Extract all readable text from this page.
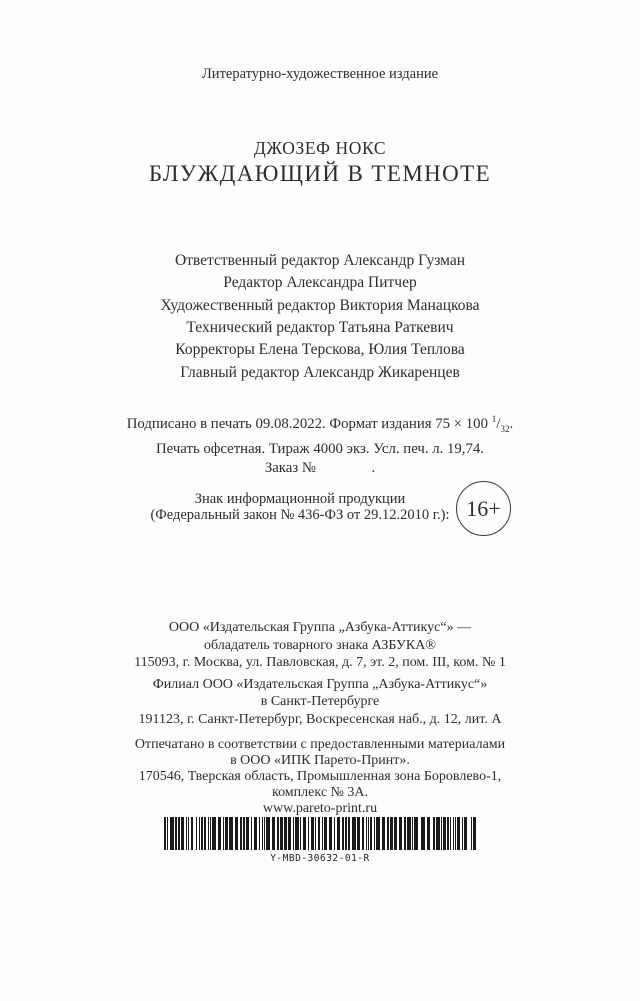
Литературно-художественное издание
ДЖОЗЕФ НОКС
БЛУЖДАЮЩИЙ В ТЕМНОТЕ
Ответственный редактор Александр Гузман
Редактор Александра Питчер
Художественный редактор Виктория Манацкова
Технический редактор Татьяна Раткевич
Корректоры Елена Терскова, Юлия Теплова
Главный редактор Александр Жикаренцев
Подписано в печать 09.08.2022. Формат издания 75 × 100 $^1/_{32}$.
Печать офсетная. Тираж 4000 экз. Усл. печ. л. 19,74.
Заказ №               .
Знак информационной продукции
(Федеральный закон № 436-ФЗ от 29.12.2010 г.): 16+
ООО «Издательская Группа „Азбука-Аттикус“» —
обладатель товарного знака АЗБУКА®
115093, г. Москва, ул. Павловская, д. 7, эт. 2, пом. III, ком. № 1
Филиал ООО «Издательская Группа „Азбука-Аттикус“»
в Санкт-Петербурге
191123, г. Санкт-Петербург, Воскресенская наб., д. 12, лит. А
Отпечатано в соответствии с предоставленными материалами
в ООО «ИПК Парето-Принт».
170546, Тверская область, Промышленная зона Боровлево-1,
комплекс № 3А.
www.pareto-print.ru
Y-MBD-30632-01-R
